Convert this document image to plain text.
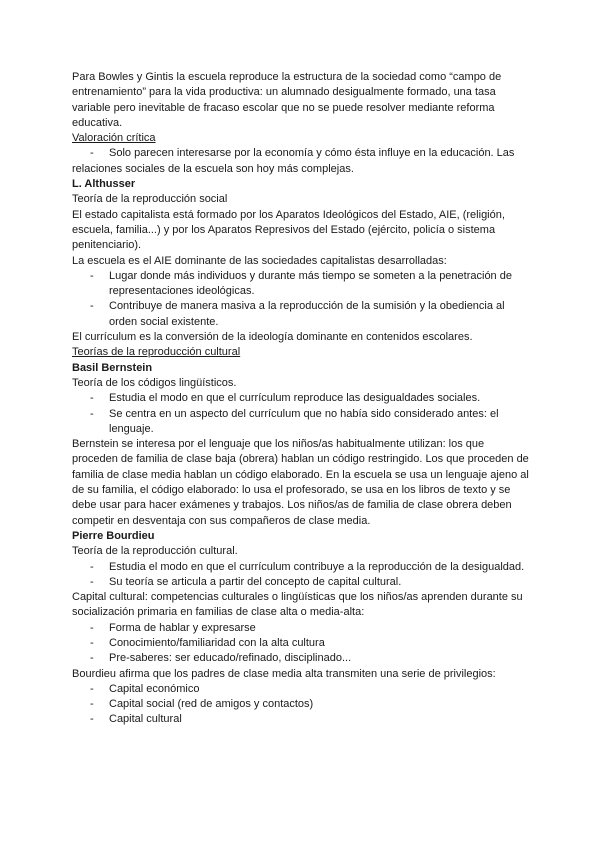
Para Bowles y Gintis la escuela reproduce la estructura de la sociedad como “campo de entrenamiento” para la vida productiva: un alumnado desigualmente formado, una tasa variable pero inevitable de fracaso escolar que no se puede resolver mediante reforma educativa.

Valoración crítica

- Solo parecen interesarse por la economía y cómo ésta influye en la educación. Las

relaciones sociales de la escuela son hoy más complejas.

L. Althusser

Teoría de la reproducción social

El estado capitalista está formado por los Aparatos Ideológicos del Estado, AIE, (religión, escuela, familia...) y por los Aparatos Represivos del Estado (ejército, policía o sistema penitenciario).

La escuela es el AIE dominante de las sociedades capitalistas desarrolladas:

- Lugar donde más individuos y durante más tiempo se someten a la penetración de representaciones ideológicas.
- Contribuye de manera masiva a la reproducción de la sumisión y la obediencia al orden social existente.

El currículum es la conversión de la ideología dominante en contenidos escolares.

Teorías de la reproducción cultural

Basil Bernstein

Teoría de los códigos lingüísticos.

- Estudia el modo en que el currículum reproduce las desigualdades sociales.
- Se centra en un aspecto del currículum que no había sido considerado antes: el lenguaje.

Bernstein se interesa por el lenguaje que los niños/as habitualmente utilizan: los que proceden de familia de clase baja (obrera) hablan un código restringido. Los que proceden de familia de clase media hablan un código elaborado. En la escuela se usa un lenguaje ajeno al de su familia, el código elaborado: lo usa el profesorado, se usa en los libros de texto y se debe usar para hacer exámenes y trabajos. Los niños/as de familia de clase obrera deben competir en desventaja con sus compañeros de clase media.

Pierre Bourdieu

Teoría de la reproducción cultural.

- Estudia el modo en que el currículum contribuye a la reproducción de la desigualdad.
- Su teoría se articula a partir del concepto de capital cultural.

Capital cultural: competencias culturales o lingüísticas que los niños/as aprenden durante su socialización primaria en familias de clase alta o media-alta:

- Forma de hablar y expresarse
- Conocimiento/familiaridad con la alta cultura
- Pre-saberes: ser educado/refinado, disciplinado...

Bourdieu afirma que los padres de clase media alta transmiten una serie de privilegios:

- Capital económico
- Capital social (red de amigos y contactos)
- Capital cultural
